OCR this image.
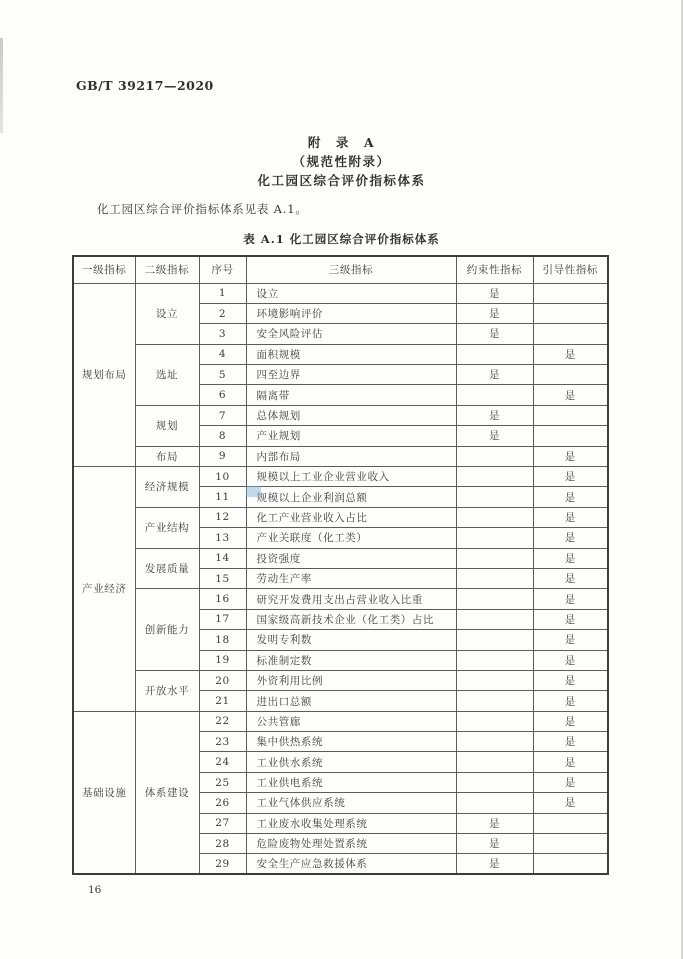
GB/T 39217—2020
附　录　A
（规范性附录）
化工园区综合评价指标体系
化工园区综合评价指标体系见表 A.1。
表 A.1 化工园区综合评价指标体系
一级指标	二级指标	序号	三级指标	约束性指标	引导性指标
规划布局	设立	1	设立	是	
		2	环境影响评价	是	
		3	安全风险评估	是	
	选址	4	面积规模		是
		5	四至边界	是	
		6	隔离带		是
	规划	7	总体规划	是	
		8	产业规划	是	
	布局	9	内部布局		是
产业经济	经济规模	10	规模以上工业企业营业收入		是
		11	规模以上企业利润总额		是
	产业结构	12	化工产业营业收入占比		是
		13	产业关联度（化工类）		是
	发展质量	14	投资强度		是
		15	劳动生产率		是
	创新能力	16	研究开发费用支出占营业收入比重		是
		17	国家级高新技术企业（化工类）占比		是
		18	发明专利数		是
		19	标准制定数		是
	开放水平	20	外资利用比例		是
		21	进出口总额		是
基础设施	体系建设	22	公共管廊		是
		23	集中供热系统		是
		24	工业供水系统		是
		25	工业供电系统		是
		26	工业气体供应系统		是
		27	工业废水收集处理系统	是	
		28	危险废物处理处置系统	是	
		29	安全生产应急救援体系	是	
16
